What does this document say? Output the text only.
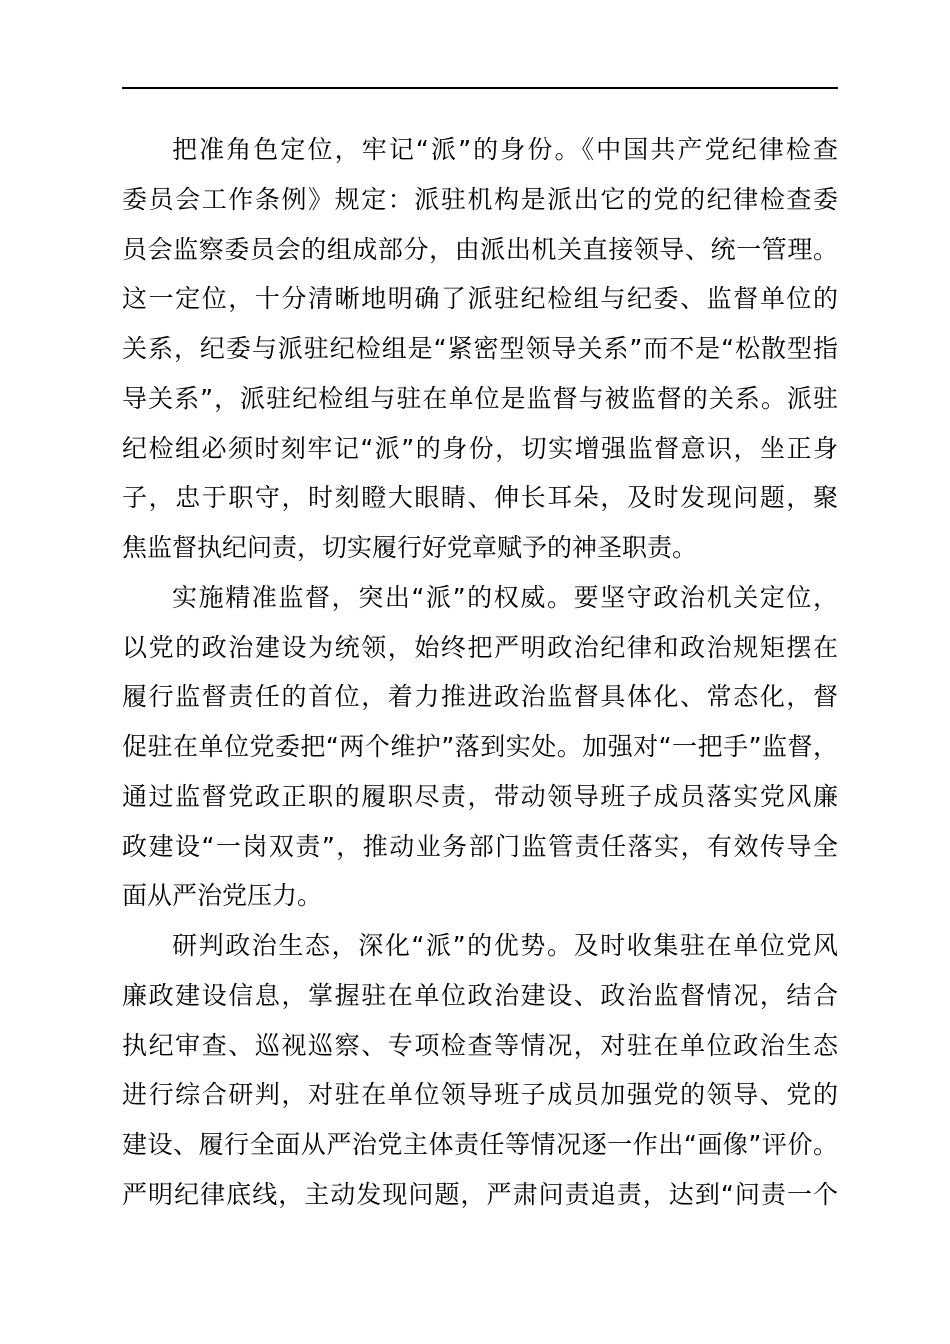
把准角色定位，牢记“派”的身份。《中国共产党纪律检查
委员会工作条例》规定：派驻机构是派出它的党的纪律检查委
员会监察委员会的组成部分，由派出机关直接领导、统一管理。
这一定位，十分清晰地明确了派驻纪检组与纪委、监督单位的
关系，纪委与派驻纪检组是“紧密型领导关系”而不是“松散型指
导关系”，派驻纪检组与驻在单位是监督与被监督的关系。派驻
纪检组必须时刻牢记“派”的身份，切实增强监督意识，坐正身
子，忠于职守，时刻瞪大眼睛、伸长耳朵，及时发现问题，聚
焦监督执纪问责，切实履行好党章赋予的神圣职责。
实施精准监督，突出“派”的权威。要坚守政治机关定位，
以党的政治建设为统领，始终把严明政治纪律和政治规矩摆在
履行监督责任的首位，着力推进政治监督具体化、常态化，督
促驻在单位党委把“两个维护”落到实处。加强对“一把手”监督，
通过监督党政正职的履职尽责，带动领导班子成员落实党风廉
政建设“一岗双责”，推动业务部门监管责任落实，有效传导全
面从严治党压力。
研判政治生态，深化“派”的优势。及时收集驻在单位党风
廉政建设信息，掌握驻在单位政治建设、政治监督情况，结合
执纪审查、巡视巡察、专项检查等情况，对驻在单位政治生态
进行综合研判，对驻在单位领导班子成员加强党的领导、党的
建设、履行全面从严治党主体责任等情况逐一作出“画像”评价。
严明纪律底线，主动发现问题，严肃问责追责，达到“问责一个
